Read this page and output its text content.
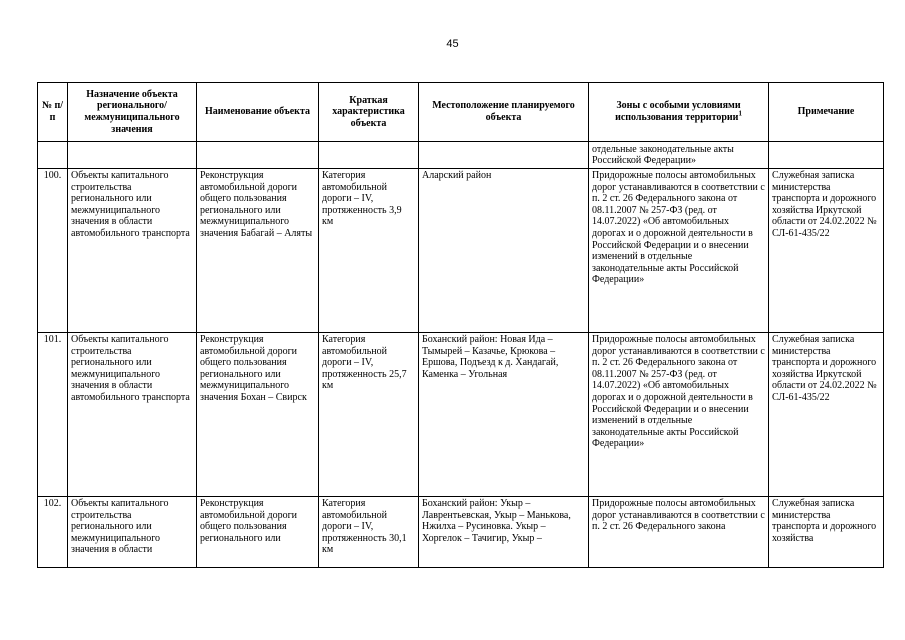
45
№ п/п	Назначение объекта регионального/ межмуниципального значения	Наименование объекта	Краткая характеристика объекта	Местоположение планируемого объекта	Зоны с особыми условиями использования территории$^1$	Примечание
					отдельные законодательные акты Российской Федерации»	
100.	Объекты капитального строительства регионального или межмуниципального значения в области автомобильного транспорта	Реконструкция автомобильной дороги общего пользования регионального или межмуниципального значения Бабагай – Аляты	Категория автомобильной дороги – IV, протяженность 3,9 км	Аларский район	Придорожные полосы автомобильных дорог устанавливаются в соответствии с п. 2 ст. 26 Федерального закона от 08.11.2007 № 257-ФЗ (ред. от 14.07.2022) «Об автомобильных дорогах и о дорожной деятельности в Российской Федерации и о внесении изменений в отдельные законодательные акты Российской Федерации»	Служебная записка министерства транспорта и дорожного хозяйства Иркутской области от 24.02.2022 № СЛ-61-435/22
101.	Объекты капитального строительства регионального или межмуниципального значения в области автомобильного транспорта	Реконструкция автомобильной дороги общего пользования регионального или межмуниципального значения Бохан – Свирск	Категория автомобильной дороги – IV, протяженность 25,7 км	Боханский район: Новая Ида – Тымырей – Казачье, Крюкова – Ершова, Подъезд к д. Хандагай, Каменка – Угольная	Придорожные полосы автомобильных дорог устанавливаются в соответствии с п. 2 ст. 26 Федерального закона от 08.11.2007 № 257-ФЗ (ред. от 14.07.2022) «Об автомобильных дорогах и о дорожной деятельности в Российской Федерации и о внесении изменений в отдельные законодательные акты Российской Федерации»	Служебная записка министерства транспорта и дорожного хозяйства Иркутской области от 24.02.2022 № СЛ-61-435/22
102.	Объекты капитального строительства регионального или межмуниципального значения в области	Реконструкция автомобильной дороги общего пользования регионального или	Категория автомобильной дороги – IV, протяженность 30,1 км	Боханский район: Укыр – Лаврентьевская, Укыр – Манькова, Нжилха – Русиновка. Укыр – Хоргелок – Тачигир, Укыр –	Придорожные полосы автомобильных дорог устанавливаются в соответствии с п. 2 ст. 26 Федерального закона	Служебная записка министерства транспорта и дорожного хозяйства
